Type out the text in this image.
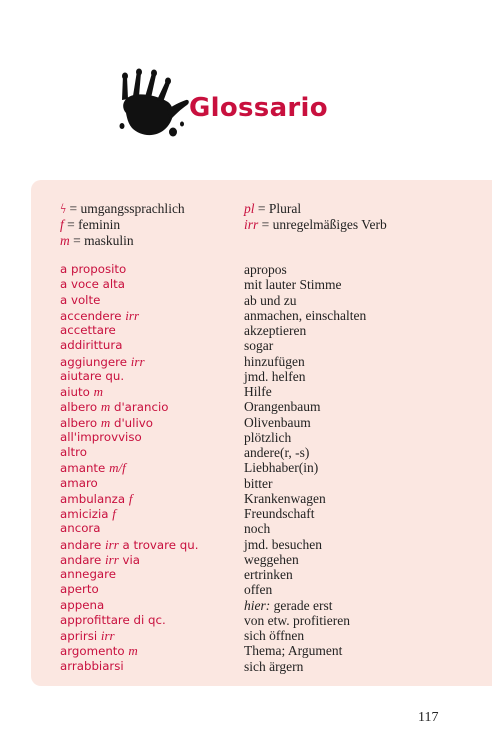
Glossario
ϟ = umgangssprachlich
f = feminin
m = maskulin
pl = Plural
irr = unregelmäßiges Verb
a proposito	apropos
a voce alta	mit lauter Stimme
a volte	ab und zu
accendere irr	anmachen, einschalten
accettare	akzeptieren
addirittura	sogar
aggiungere irr	hinzufügen
aiutare qu.	jmd. helfen
aiuto m	Hilfe
albero m d'arancio	Orangenbaum
albero m d'ulivo	Olivenbaum
all'improvviso	plötzlich
altro	andere(r, -s)
amante m/f	Liebhaber(in)
amaro	bitter
ambulanza f	Krankenwagen
amicizia f	Freundschaft
ancora	noch
andare irr a trovare qu.	jmd. besuchen
andare irr via	weggehen
annegare	ertrinken
aperto	offen
appena	hier: gerade erst
approfittare di qc.	von etw. profitieren
aprirsi irr	sich öffnen
argomento m	Thema; Argument
arrabbiarsi	sich ärgern
117
